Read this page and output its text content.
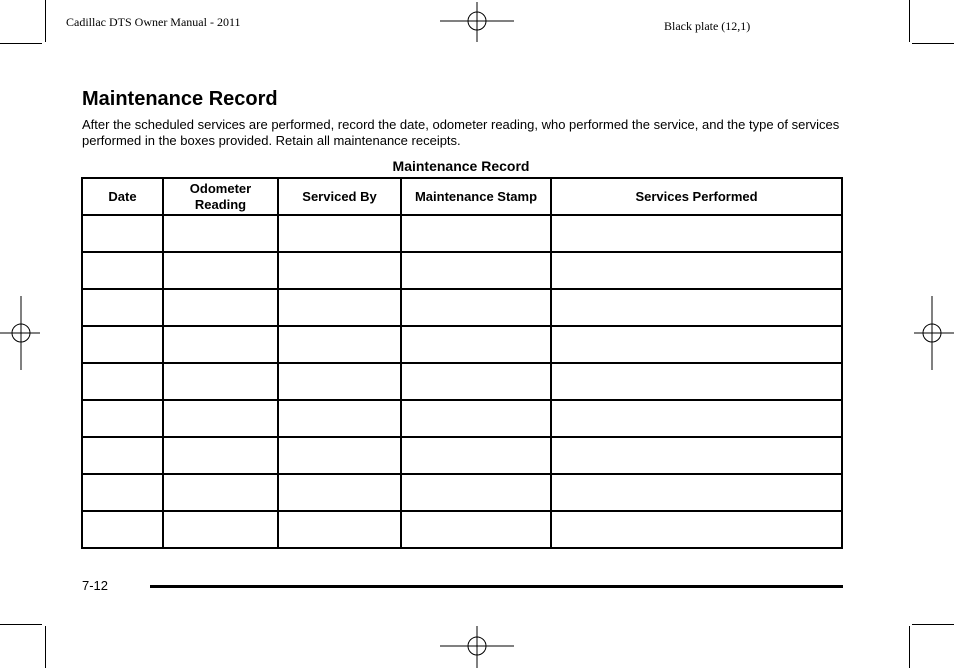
Cadillac DTS Owner Manual - 2011	Black plate (12,1)
Maintenance Record

After the scheduled services are performed, record the date, odometer reading, who performed the service, and the type of services performed in the boxes provided. Retain all maintenance receipts.

Maintenance Record
Date	Odometer Reading	Serviced By	Maintenance Stamp	Services Performed

7-12
